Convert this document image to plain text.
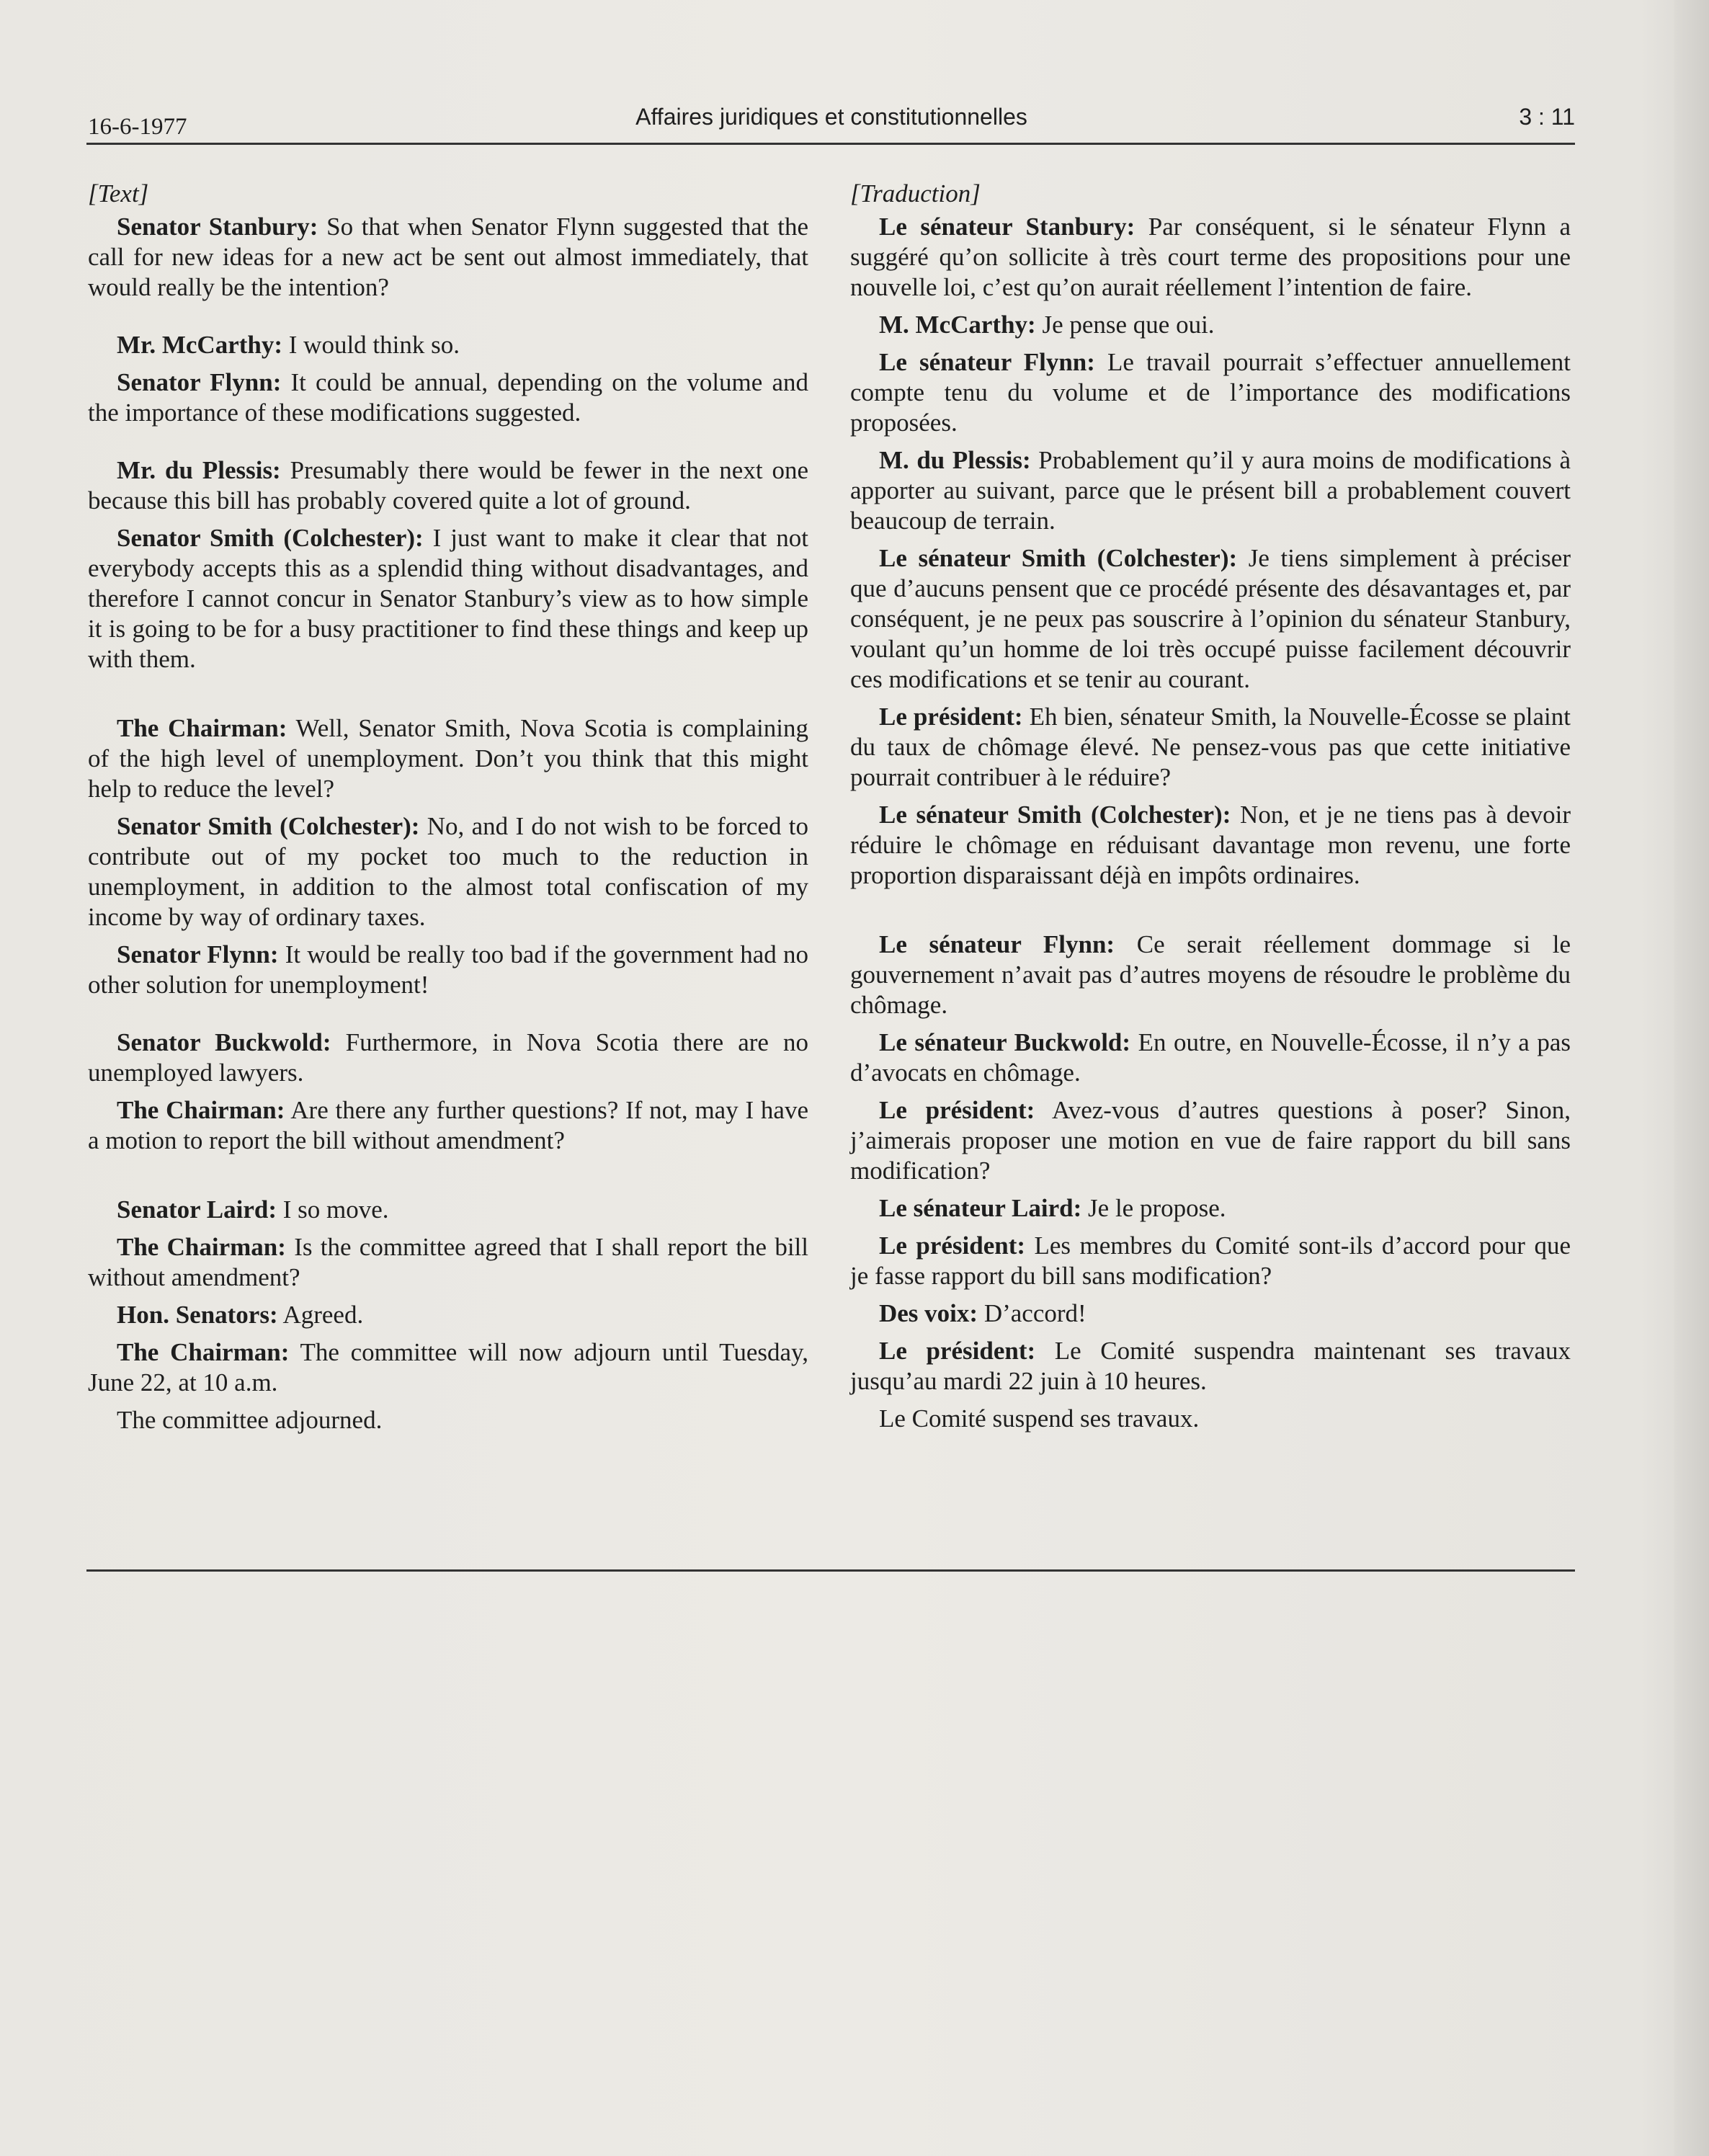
16-6-1977	Affaires juridiques et constitutionnelles	3 : 11
[Text]

Senator Stanbury: So that when Senator Flynn suggested that the call for new ideas for a new act be sent out almost immediately, that would really be the intention?

Mr. McCarthy: I would think so.

Senator Flynn: It could be annual, depending on the volume and the importance of these modifications suggested.

Mr. du Plessis: Presumably there would be fewer in the next one because this bill has probably covered quite a lot of ground.

Senator Smith (Colchester): I just want to make it clear that not everybody accepts this as a splendid thing without disadvantages, and therefore I cannot concur in Senator Stanbury’s view as to how simple it is going to be for a busy practitioner to find these things and keep up with them.

The Chairman: Well, Senator Smith, Nova Scotia is complaining of the high level of unemployment. Don’t you think that this might help to reduce the level?

Senator Smith (Colchester): No, and I do not wish to be forced to contribute out of my pocket too much to the reduction in unemployment, in addition to the almost total confiscation of my income by way of ordinary taxes.

Senator Flynn: It would be really too bad if the government had no other solution for unemployment!

Senator Buckwold: Furthermore, in Nova Scotia there are no unemployed lawyers.

The Chairman: Are there any further questions? If not, may I have a motion to report the bill without amendment?

Senator Laird: I so move.

The Chairman: Is the committee agreed that I shall report the bill without amendment?

Hon. Senators: Agreed.

The Chairman: The committee will now adjourn until Tuesday, June 22, at 10 a.m.

The committee adjourned.

[Traduction]

Le sénateur Stanbury: Par conséquent, si le sénateur Flynn a suggéré qu’on sollicite à très court terme des propositions pour une nouvelle loi, c’est qu’on aurait réellement l’intention de faire.

M. McCarthy: Je pense que oui.

Le sénateur Flynn: Le travail pourrait s’effectuer annuellement compte tenu du volume et de l’importance des modifications proposées.

M. du Plessis: Probablement qu’il y aura moins de modifications à apporter au suivant, parce que le présent bill a probablement couvert beaucoup de terrain.

Le sénateur Smith (Colchester): Je tiens simplement à préciser que d’aucuns pensent que ce procédé présente des désavantages et, par conséquent, je ne peux pas souscrire à l’opinion du sénateur Stanbury, voulant qu’un homme de loi très occupé puisse facilement découvrir ces modifications et se tenir au courant.

Le président: Eh bien, sénateur Smith, la Nouvelle-Écosse se plaint du taux de chômage élevé. Ne pensez-vous pas que cette initiative pourrait contribuer à le réduire?

Le sénateur Smith (Colchester): Non, et je ne tiens pas à devoir réduire le chômage en réduisant davantage mon revenu, une forte proportion disparaissant déjà en impôts ordinaires.

Le sénateur Flynn: Ce serait réellement dommage si le gouvernement n’avait pas d’autres moyens de résoudre le problème du chômage.

Le sénateur Buckwold: En outre, en Nouvelle-Écosse, il n’y a pas d’avocats en chômage.

Le président: Avez-vous d’autres questions à poser? Sinon, j’aimerais proposer une motion en vue de faire rapport du bill sans modification?

Le sénateur Laird: Je le propose.

Le président: Les membres du Comité sont-ils d’accord pour que je fasse rapport du bill sans modification?

Des voix: D’accord!

Le président: Le Comité suspendra maintenant ses travaux jusqu’au mardi 22 juin à 10 heures.

Le Comité suspend ses travaux.
